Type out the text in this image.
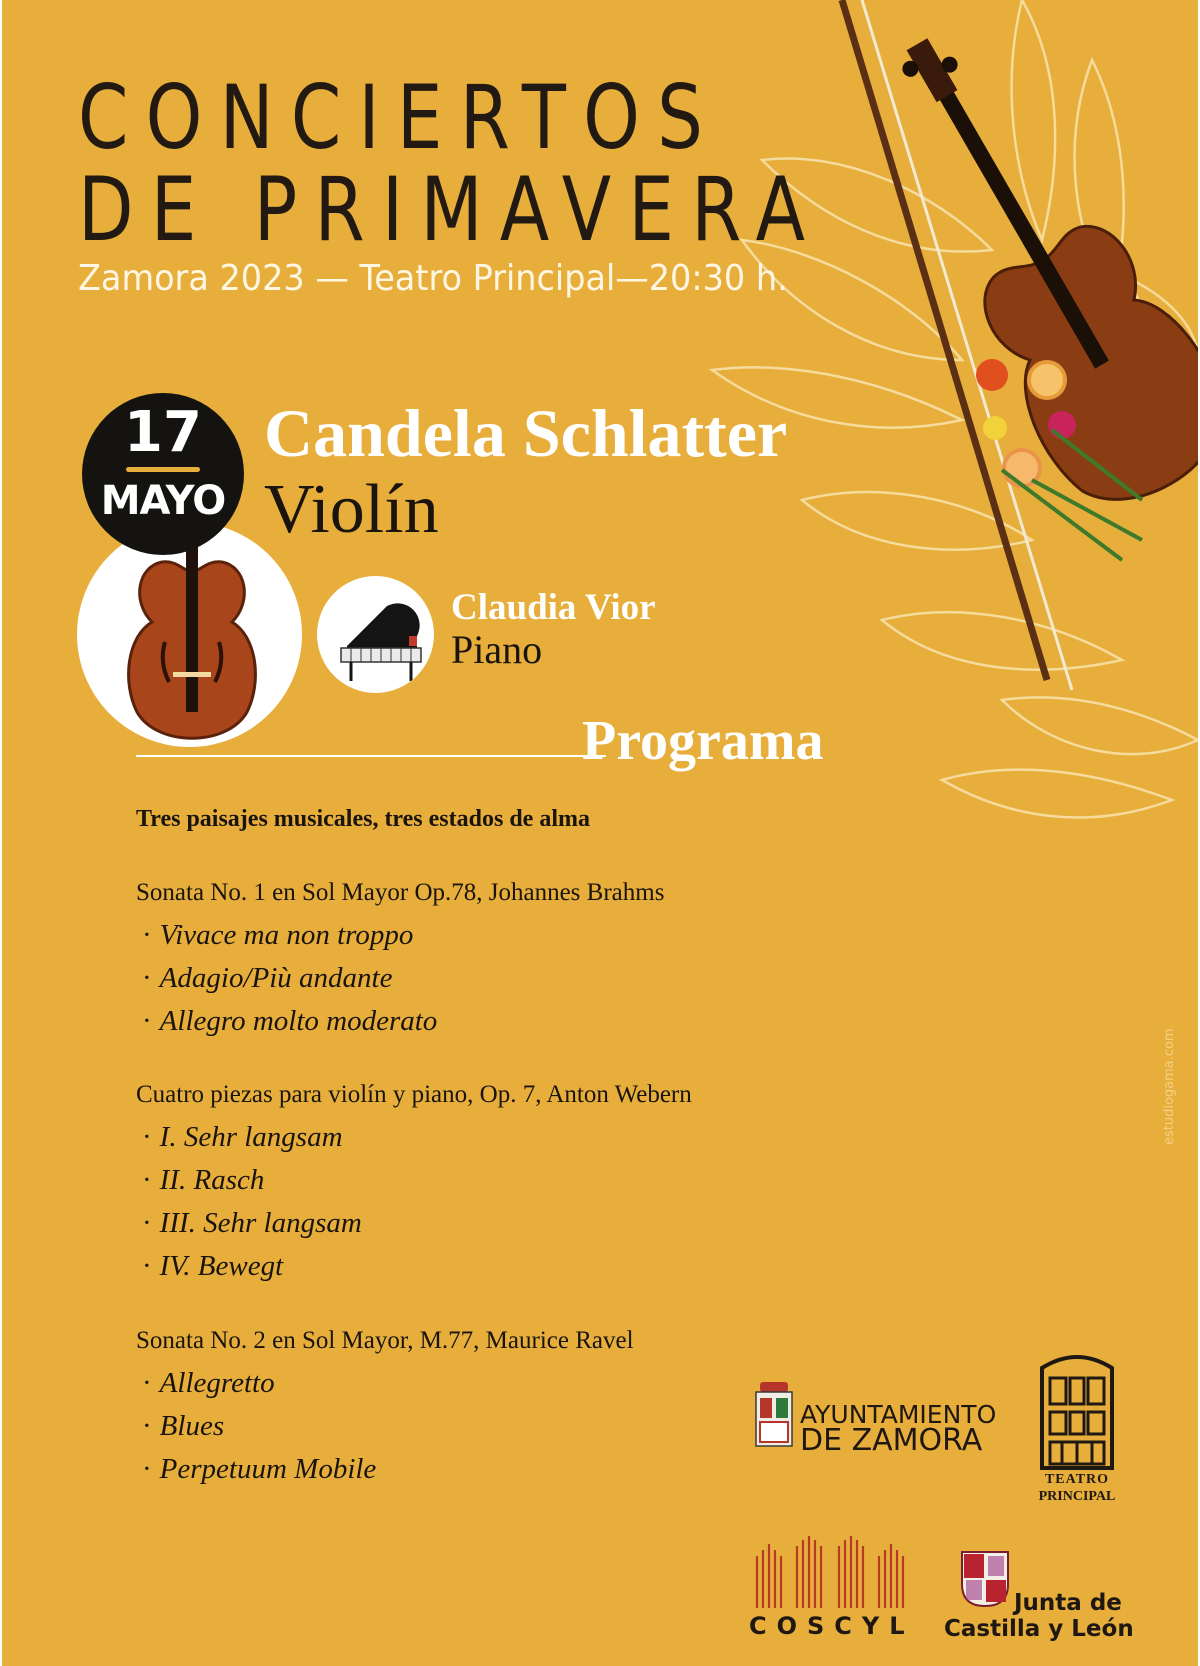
CONCIERTOS
DE PRIMAVERA
Zamora 2023 — Teatro Principal—20:30 h.
17
MAYO
Candela Schlatter
Violín
Claudia Vior
Piano
Programa
Tres paisajes musicales, tres estados de alma
Sonata No. 1 en Sol Mayor Op.78, Johannes Brahms
· Vivace ma non troppo
· Adagio/Più andante
· Allegro molto moderato
Cuatro piezas para violín y piano, Op. 7, Anton Webern
· I. Sehr langsam
· II. Rasch
· III. Sehr langsam
· IV. Bewegt
Sonata No. 2 en Sol Mayor, M.77, Maurice Ravel
· Allegretto
· Blues
· Perpetuum Mobile
estudiogama.com
AYUNTAMIENTO
DE ZAMORA
TEATRO
PRINCIPAL
COSCYL
Junta de
Castilla y León
